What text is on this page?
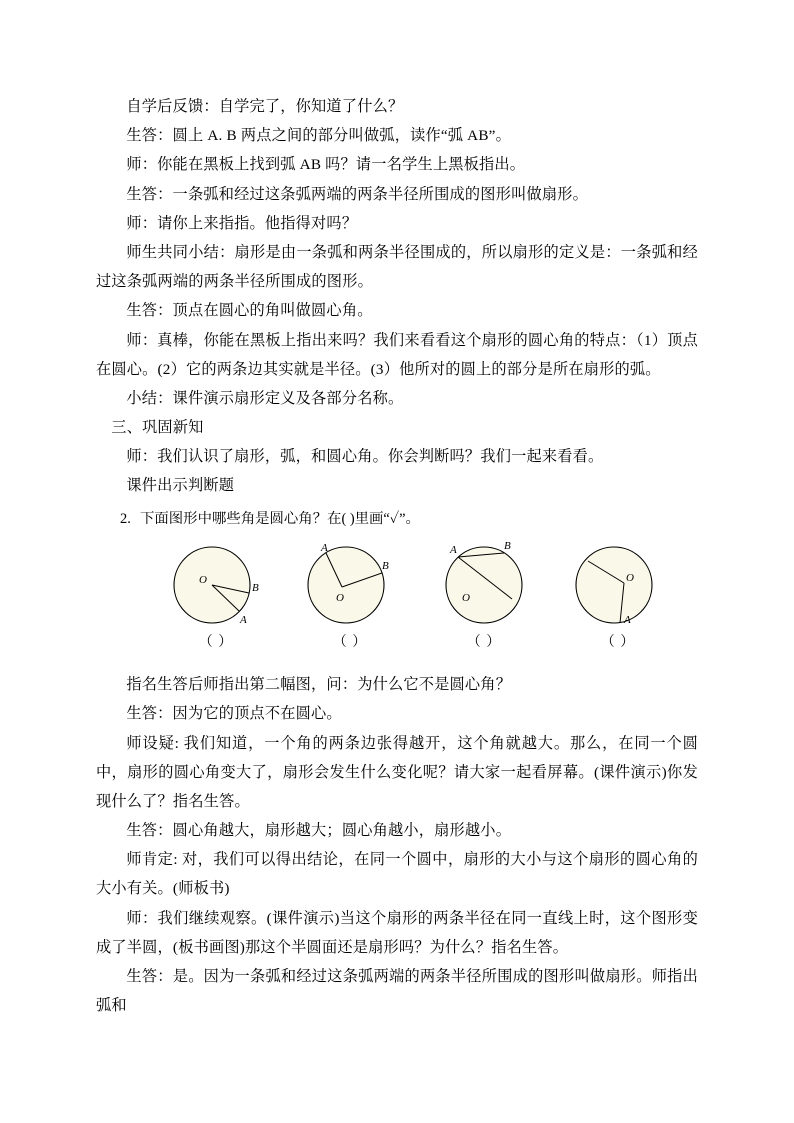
自学后反馈：自学完了，你知道了什么？

生答：圆上 A. B 两点之间的部分叫做弧，读作“弧 AB”。

师：你能在黑板上找到弧 AB 吗？请一名学生上黑板指出。

生答：一条弧和经过这条弧两端的两条半径所围成的图形叫做扇形。

师：请你上来指指。他指得对吗？

师生共同小结：扇形是由一条弧和两条半径围成的，所以扇形的定义是：一条弧和经过这条弧两端的两条半径所围成的图形。

生答：顶点在圆心的角叫做圆心角。

师：真棒，你能在黑板上指出来吗？我们来看看这个扇形的圆心角的特点：（1）顶点在圆心。(2）它的两条边其实就是半径。(3）他所对的圆上的部分是所在扇形的弧。

小结：课件演示扇形定义及各部分名称。

三、巩固新知

师：我们认识了扇形，弧，和圆心角。你会判断吗？我们一起来看看。

课件出示判断题

2. 下面图形中哪些角是圆心角？在( )里画“✓”。

O
B
A
（ ）
A
B
O
（ ）
A	B
O
（ ）
O
A
（ ）

指名生答后师指出第二幅图，问：为什么它不是圆心角？

生答：因为它的顶点不在圆心。

师设疑: 我们知道，一个角的两条边张得越开，这个角就越大。那么，在同一个圆中，扇形的圆心角变大了，扇形会发生什么变化呢？请大家一起看屏幕。(课件演示)你发现什么了？指名生答。

生答：圆心角越大，扇形越大；圆心角越小，扇形越小。

师肯定: 对，我们可以得出结论，在同一个圆中，扇形的大小与这个扇形的圆心角的大小有关。(师板书)

师：我们继续观察。(课件演示)当这个扇形的两条半径在同一直线上时，这个图形变成了半圆，(板书画图)那这个半圆面还是扇形吗？为什么？指名生答。

生答：是。因为一条弧和经过这条弧两端的两条半径所围成的图形叫做扇形。师指出弧和
